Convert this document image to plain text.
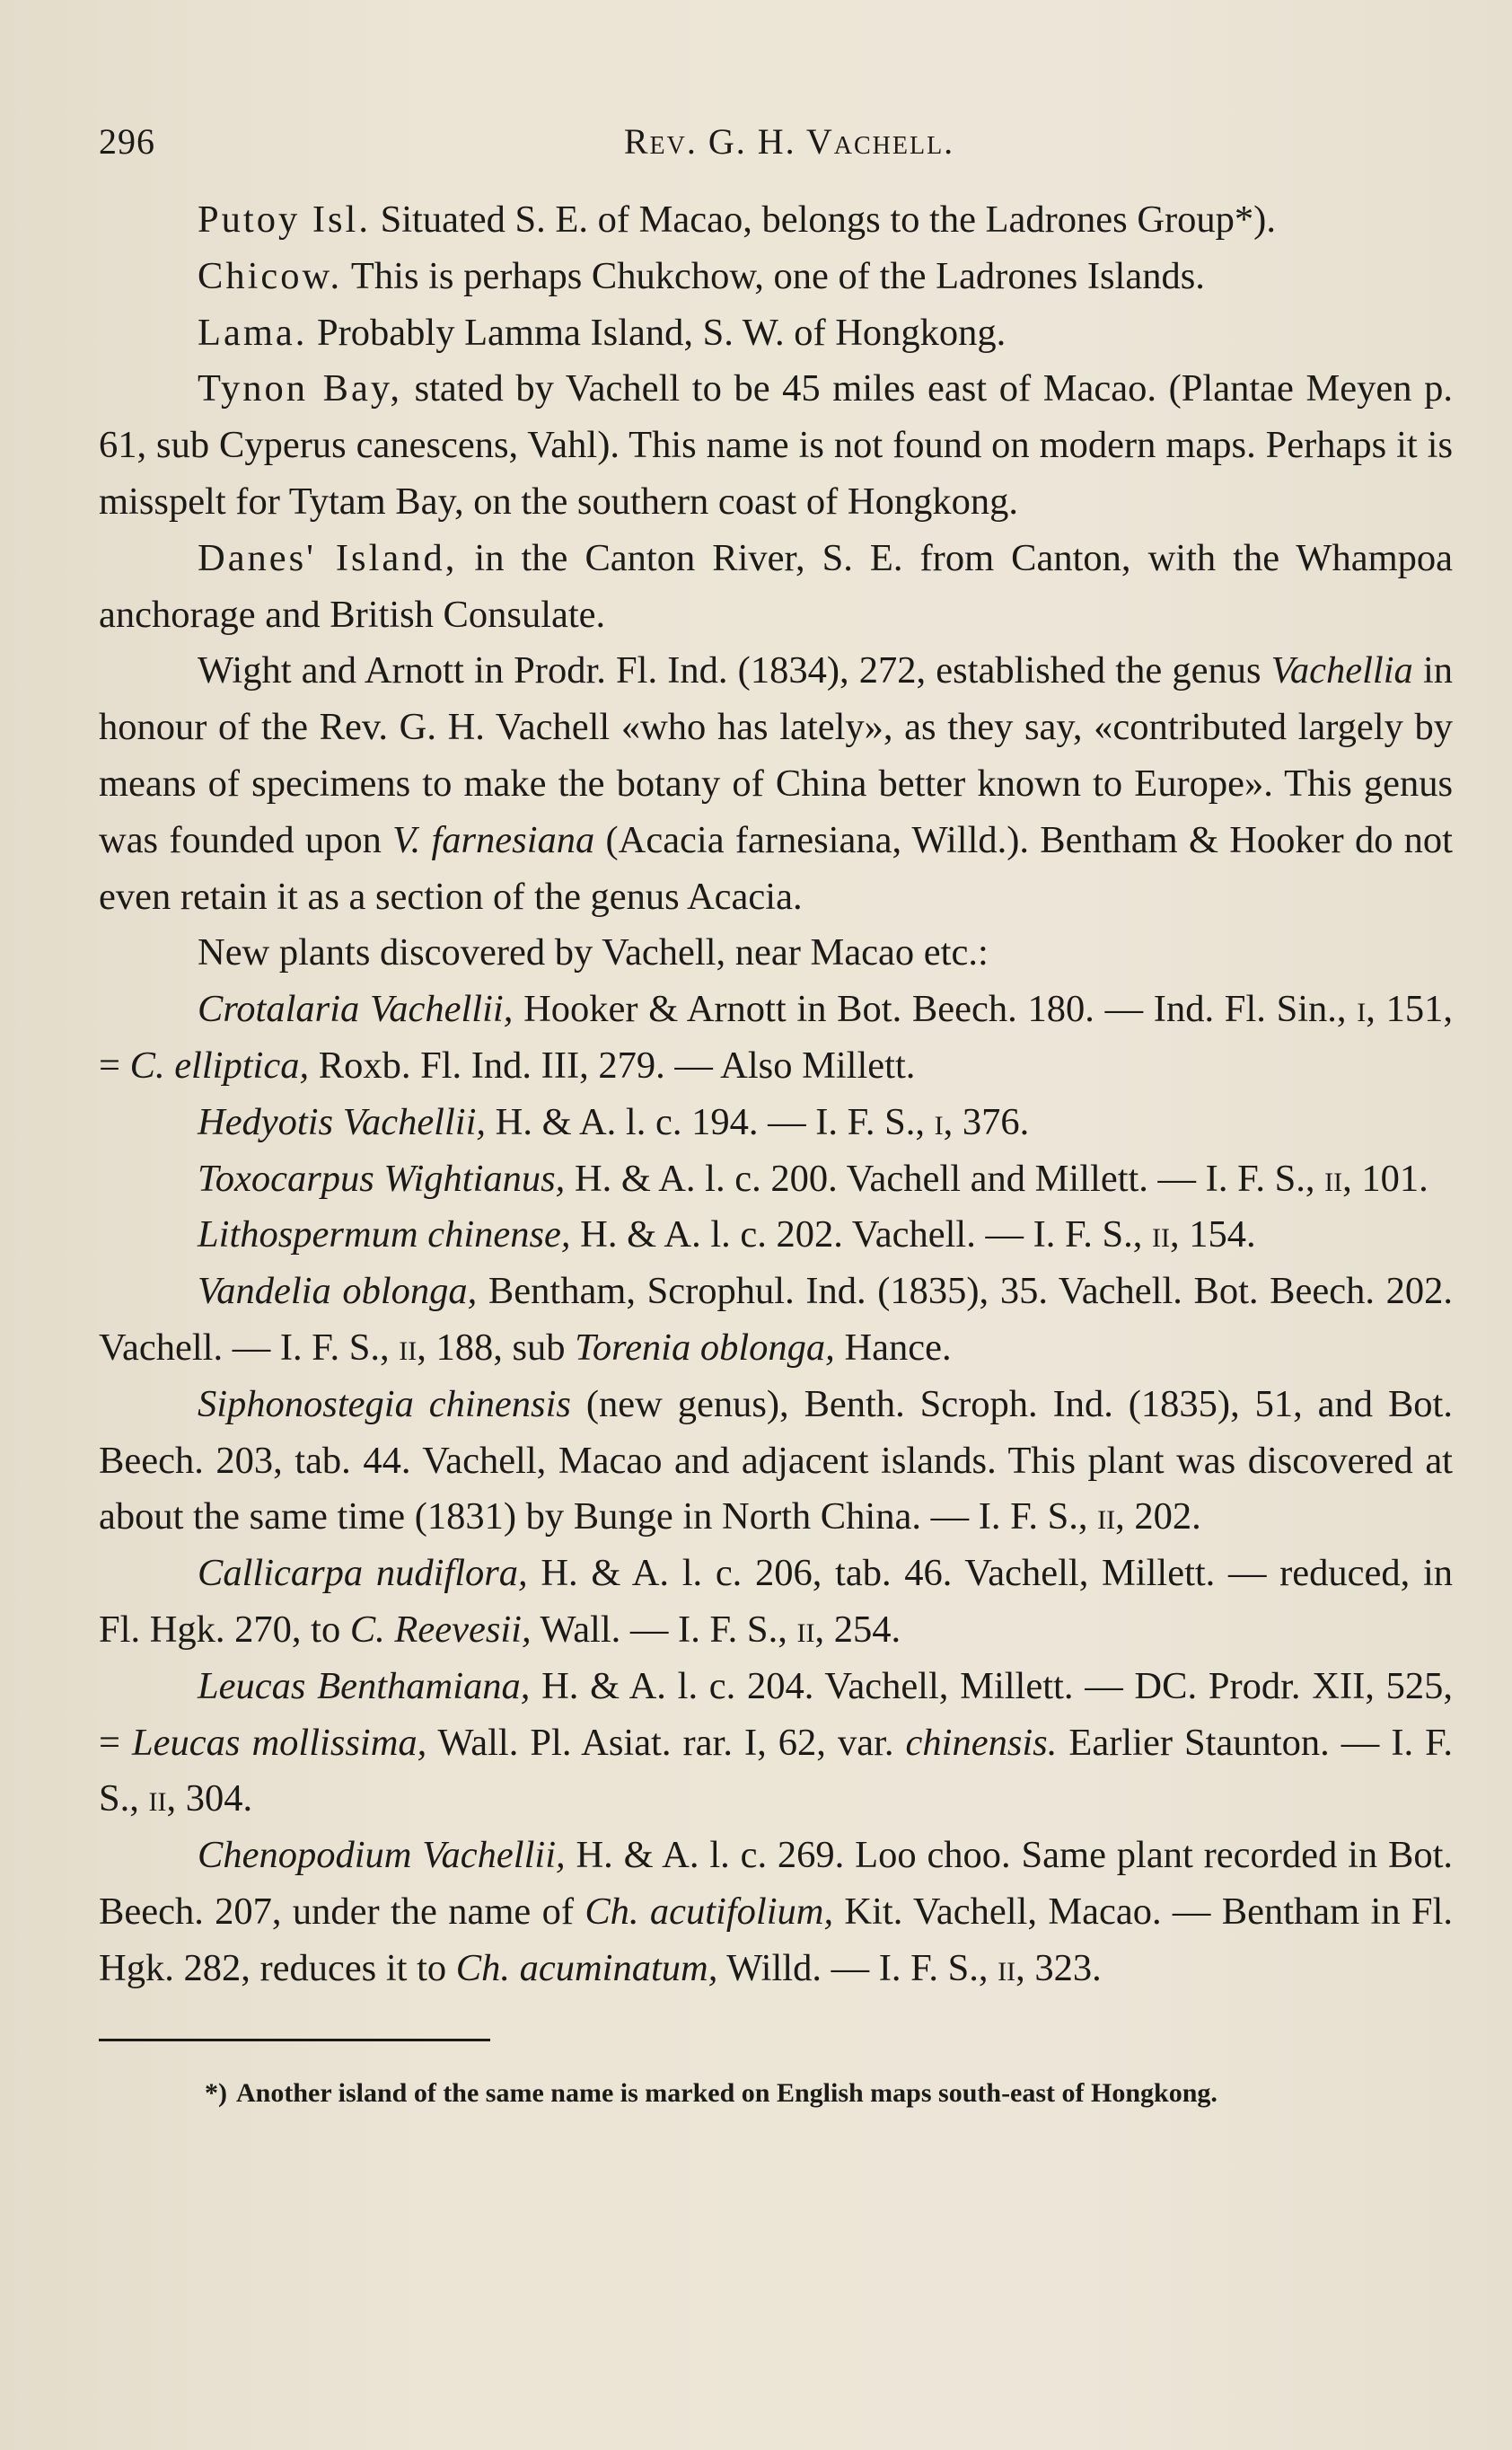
296	Rev. G. H. Vachell.

Putoy Isl. Situated S. E. of Macao, belongs to the Ladrones Group*).

Chicow. This is perhaps Chukchow, one of the Ladrones Islands.

Lama. Probably Lamma Island, S. W. of Hongkong.

Tynon Bay, stated by Vachell to be 45 miles east of Macao. (Plantae Meyen p. 61, sub Cyperus canescens, Vahl). This name is not found on modern maps. Perhaps it is misspelt for Tytam Bay, on the southern coast of Hongkong.

Danes' Island, in the Canton River, S. E. from Canton, with the Whampoa anchorage and British Consulate.

Wight and Arnott in Prodr. Fl. Ind. (1834), 272, established the genus Vachellia in honour of the Rev. G. H. Vachell «who has lately», as they say, «contributed largely by means of specimens to make the botany of China better known to Europe». This genus was founded upon V. farnesiana (Acacia farnesiana, Willd.). Bentham & Hooker do not even retain it as a section of the genus Acacia.

New plants discovered by Vachell, near Macao etc.:

Crotalaria Vachellii, Hooker & Arnott in Bot. Beech. 180. — Ind. Fl. Sin., i, 151, = C. elliptica, Roxb. Fl. Ind. III, 279. — Also Millett.

Hedyotis Vachellii, H. & A. l. c. 194. — I. F. S., i, 376.

Toxocarpus Wightianus, H. & A. l. c. 200. Vachell and Millett. — I. F. S., ii, 101.

Lithospermum chinense, H. & A. l. c. 202. Vachell. — I. F. S., ii, 154.

Vandelia oblonga, Bentham, Scrophul. Ind. (1835), 35. Vachell. Bot. Beech. 202. Vachell. — I. F. S., ii, 188, sub Torenia oblonga, Hance.

Siphonostegia chinensis (new genus), Benth. Scroph. Ind. (1835), 51, and Bot. Beech. 203, tab. 44. Vachell, Macao and adjacent islands. This plant was discovered at about the same time (1831) by Bunge in North China. — I. F. S., ii, 202.

Callicarpa nudiflora, H. & A. l. c. 206, tab. 46. Vachell, Millett. — reduced, in Fl. Hgk. 270, to C. Reevesii, Wall. — I. F. S., ii, 254.

Leucas Benthamiana, H. & A. l. c. 204. Vachell, Millett. — DC. Prodr. XII, 525, = Leucas mollissima, Wall. Pl. Asiat. rar. I, 62, var. chinensis. Earlier Staunton. — I. F. S., ii, 304.

Chenopodium Vachellii, H. & A. l. c. 269. Loo choo. Same plant recorded in Bot. Beech. 207, under the name of Ch. acutifolium, Kit. Vachell, Macao. — Bentham in Fl. Hgk. 282, reduces it to Ch. acuminatum, Willd. — I. F. S., ii, 323.

*) Another island of the same name is marked on English maps south-east of Hongkong.
